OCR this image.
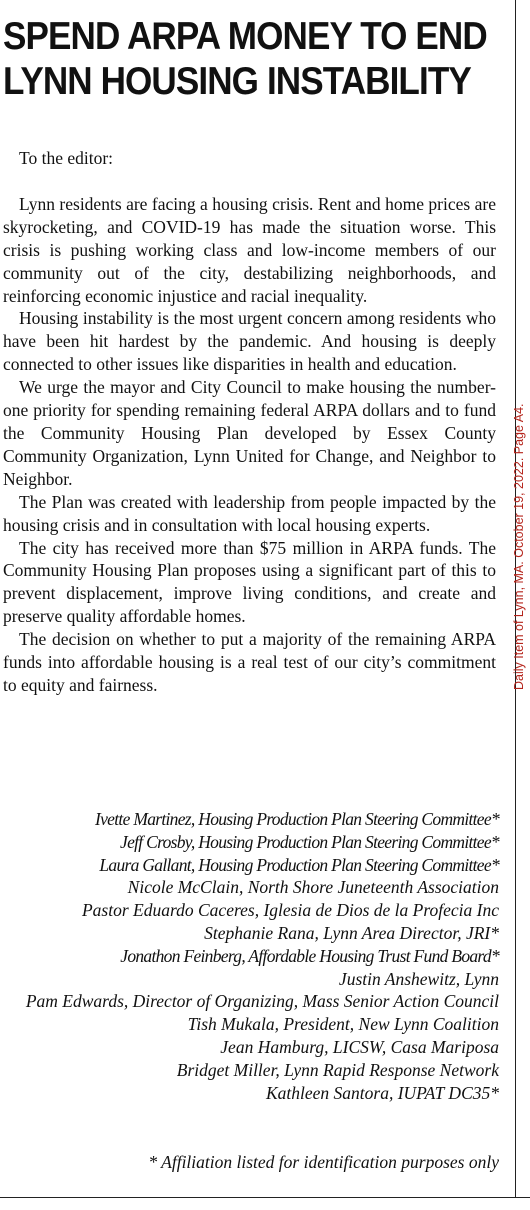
SPEND ARPA MONEY TO END
LYNN HOUSING INSTABILITY

To the editor:

Lynn residents are facing a housing crisis. Rent and home prices are skyrocketing, and COVID-19 has made the situation worse. This crisis is pushing working class and low-income members of our community out of the city, destabilizing neighborhoods, and reinforcing economic injustice and racial inequality.

Housing instability is the most urgent concern among residents who have been hit hardest by the pandemic. And housing is deeply connected to other issues like disparities in health and education.

We urge the mayor and City Council to make housing the number-one priority for spending remaining federal ARPA dollars and to fund the Community Housing Plan developed by Essex County Community Organization, Lynn United for Change, and Neighbor to Neighbor.

The Plan was created with leadership from people impacted by the housing crisis and in consultation with local housing experts.

The city has received more than $75 million in ARPA funds. The Community Housing Plan proposes using a significant part of this to prevent displacement, improve living conditions, and create and preserve quality affordable homes.

The decision on whether to put a majority of the remaining ARPA funds into affordable housing is a real test of our city’s commitment to equity and fairness.

Ivette Martinez, Housing Production Plan Steering Committee*
Jeff Crosby, Housing Production Plan Steering Committee*
Laura Gallant, Housing Production Plan Steering Committee*
Nicole McClain, North Shore Juneteenth Association
Pastor Eduardo Caceres, Iglesia de Dios de la Profecia Inc
Stephanie Rana, Lynn Area Director, JRI*
Jonathon Feinberg, Affordable Housing Trust Fund Board*
Justin Anshewitz, Lynn
Pam Edwards, Director of Organizing, Mass Senior Action Council
Tish Mukala, President, New Lynn Coalition
Jean Hamburg, LICSW, Casa Mariposa
Bridget Miller, Lynn Rapid Response Network
Kathleen Santora, IUPAT DC35*
* Affiliation listed for identification purposes only
Daily Item of Lynn, MA. October 19, 2022. Page A4.
